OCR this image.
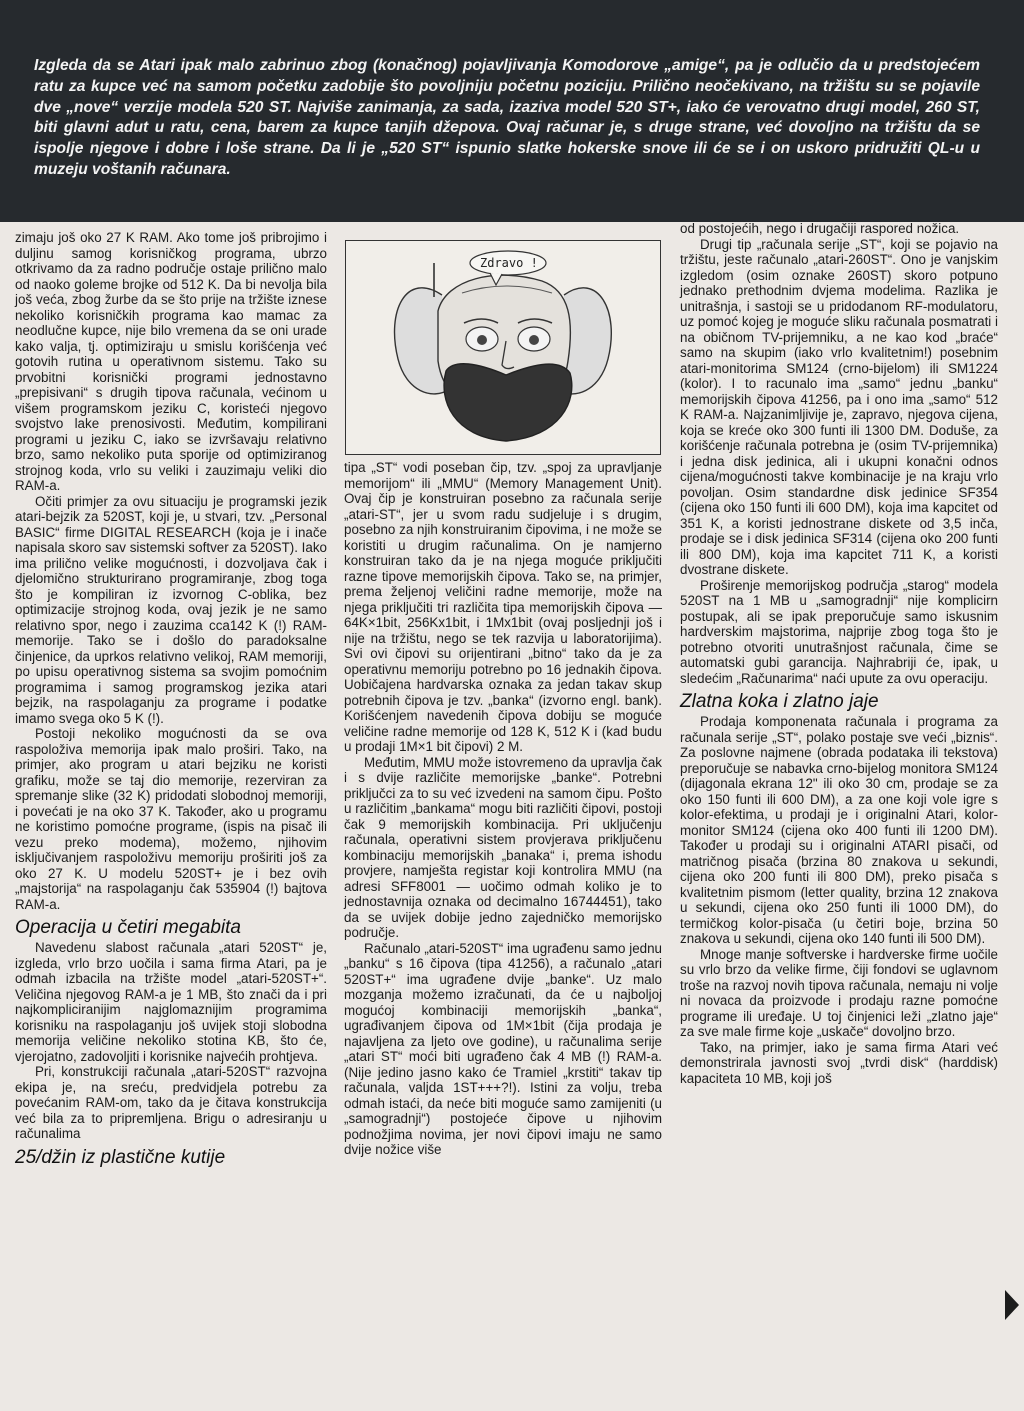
Izgleda da se Atari ipak malo zabrinuo zbog (konačnog) pojavljivanja Komodorove „amige“, pa je odlučio da u predstojećem ratu za kupce već na samom početku zadobije što povoljniju početnu poziciju. Prilično neočekivano, na tržištu su se pojavile dve „nove“ verzije modela 520 ST. Najviše zanimanja, za sada, izaziva model 520 ST+, iako će verovatno drugi model, 260 ST, biti glavni adut u ratu, cena, barem za kupce tanjih džepova. Ovaj računar je, s druge strane, već dovoljno na tržištu da se ispolje njegove i dobre i loše strane. Da li je „520 ST“ ispunio slatke hokerske snove ili će se i on uskoro pridružiti QL-u u muzeju voštanih računara.

zimaju još oko 27 K RAM. Ako tome još pribrojimo i duljinu samog korisničkog programa, ubrzo otkrivamo da za radno područje ostaje prilično malo od naoko goleme brojke od 512 K. Da bi nevolja bila još veća, zbog žurbe da se što prije na tržište iznese nekoliko korisničkih programa kao mamac za neodlučne kupce, nije bilo vremena da se oni urade kako valja, tj. optimiziraju u smislu korišćenja već gotovih rutina u operativnom sistemu. Tako su prvobitni korisnički programi jednostavno „prepisivani“ s drugih tipova računala, većinom u višem programskom jeziku C, koristeći njegovo svojstvo lake prenosivosti. Međutim, kompilirani programi u jeziku C, iako se izvršavaju relativno brzo, samo nekoliko puta sporije od optimiziranog strojnog koda, vrlo su veliki i zauzimaju veliki dio RAM-a.

Očiti primjer za ovu situaciju je programski jezik atari-bejzik za 520ST, koji je, u stvari, tzv. „Personal BASIC“ firme DIGITAL RESEARCH (koja je i inače napisala skoro sav sistemski softver za 520ST). Iako ima prilično velike mogućnosti, i dozvoljava čak i djelomično strukturirano programiranje, zbog toga što je kompiliran iz izvornog C-oblika, bez optimizacije strojnog koda, ovaj jezik je ne samo relativno spor, nego i zauzima cca142 K (!) RAM-memorije. Tako se i došlo do paradoksalne činjenice, da uprkos relativno velikoj, RAM memoriji, po upisu operativnog sistema sa svojim pomoćnim programima i samog programskog jezika atari bejzik, na raspolaganju za programe i podatke imamo svega oko 5 K (!).

Postoji nekoliko mogućnosti da se ova raspoloživa memorija ipak malo proširi. Tako, na primjer, ako program u atari bejziku ne koristi grafiku, može se taj dio memorije, rezerviran za spremanje slike (32 K) pridodati slobodnoj memoriji, i povećati je na oko 37 K. Također, ako u programu ne koristimo pomoćne programe, (ispis na pisač ili vezu preko modema), možemo, njihovim isključivanjem raspoloživu memoriju proširiti još za oko 27 K. U modelu 520ST+ je i bez ovih „majstorija“ na raspolaganju čak 535904 (!) bajtova RAM-a.

Operacija u četiri megabita

Navedenu slabost računala „atari 520ST“ je, izgleda, vrlo brzo uočila i sama firma Atari, pa je odmah izbacila na tržište model „atari-520ST+“. Veličina njegovog RAM-a je 1 MB, što znači da i pri najkompliciranijim najglomaznijim programima korisniku na raspolaganju još uvijek stoji slobodna memorija veličine nekoliko stotina KB, što će, vjerojatno, zadovoljiti i korisnike najvećih prohtjeva.

Pri, konstrukciji računala „atari-520ST“ razvojna ekipa je, na sreću, predvidjela potrebu za povećanim RAM-om, tako da je čitava konstrukcija već bila za to pripremljena. Brigu o adresiranju u računalima

25/džin iz plastične kutije
Zdravo !

tipa „ST“ vodi poseban čip, tzv. „spoj za upravljanje memorijom“ ili „MMU“ (Memory Management Unit). Ovaj čip je konstruiran posebno za računala serije „atari-ST“, jer u svom radu sudjeluje i s drugim, posebno za njih konstruiranim čipovima, i ne može se koristiti u drugim računalima. On je namjerno konstruiran tako da je na njega moguće priključiti razne tipove memorijskih čipova. Tako se, na primjer, prema željenoj veličini radne memorije, može na njega priključiti tri različita tipa memorijskih čipova — 64K×1bit, 256Kx1bit, i 1Mx1bit (ovaj posljednji još i nije na tržištu, nego se tek razvija u laboratorijima). Svi ovi čipovi su orijentirani „bitno“ tako da je za operativnu memoriju potrebno po 16 jednakih čipova. Uobičajena hardvarska oznaka za jedan takav skup potrebnih čipova je tzv. „banka“ (izvorno engl. bank). Korišćenjem navedenih čipova dobiju se moguće veličine radne memorije od 128 K, 512 K i (kad budu u prodaji 1M×1 bit čipovi) 2 M.

Međutim, MMU može istovremeno da upravlja čak i s dvije različite memorijske „banke“. Potrebni priključci za to su već izvedeni na samom čipu. Pošto u različitim „bankama“ mogu biti različiti čipovi, postoji čak 9 memorijskih kombinacija. Pri uključenju računala, operativni sistem provjerava priključenu kombinaciju memorijskih „banaka“ i, prema ishodu provjere, namješta registar koji kontrolira MMU (na adresi SFF8001 — uočimo odmah koliko je to jednostavnija oznaka od decimalno 16744451), tako da se uvijek dobije jedno zajedničko memorijsko područje.

Računalo „atari-520ST“ ima ugrađenu samo jednu „banku“ s 16 čipova (tipa 41256), a računalo „atari 520ST+“ ima ugrađene dvije „banke“. Uz malo mozganja možemo izračunati, da će u najboljoj mogućoj kombinaciji memorijskih „banka“, ugrađivanjem čipova od 1M×1bit (čija prodaja je najavljena za ljeto ove godine), u računalima serije „atari ST“ moći biti ugrađeno čak 4 MB (!) RAM-a. (Nije jedino jasno kako će Tramiel „krstiti“ takav tip računala, valjda 1ST+++?!). Istini za volju, treba odmah istaći, da neće biti moguće samo zamijeniti (u „samogradnji“) postojeće čipove u njihovim podnožjima novima, jer novi čipovi imaju ne samo dvije nožice više

od postojećih, nego i drugačiji raspored nožica.

Drugi tip „računala serije „ST“, koji se pojavio na tržištu, jeste računalo „atari-260ST“. Ono je vanjskim izgledom (osim oznake 260ST) skoro potpuno jednako prethodnim dvjema modelima. Razlika je unitrašnja, i sastoji se u pridodanom RF-modulatoru, uz pomoć kojeg je moguće sliku računala posmatrati i na običnom TV-prijemniku, a ne kao kod „braće“ samo na skupim (iako vrlo kvalitetnim!) posebnim atari-monitorima SM124 (crno-bijelom) ili SM1224 (kolor). I to racunalo ima „samo“ jednu „banku“ memorijskih čipova 41256, pa i ono ima „samo“ 512 K RAM-a. Najzanimljivije je, zapravo, njegova cijena, koja se kreće oko 300 funti ili 1300 DM. Doduše, za korišćenje računala potrebna je (osim TV-prijemnika) i jedna disk jedinica, ali i ukupni konačni odnos cijena/mogućnosti takve kombinacije je na kraju vrlo povoljan. Osim standardne disk jedinice SF354 (cijena oko 150 funti ili 600 DM), koja ima kapcitet od 351 K, a koristi jednostrane diskete od 3,5 inča, prodaje se i disk jedinica SF314 (cijena oko 200 funti ili 800 DM), koja ima kapcitet 711 K, a koristi dvostrane diskete.

Proširenje memorijskog područja „starog“ modela 520ST na 1 MB u „samogradnji“ nije komplicirn postupak, ali se ipak preporučuje samo iskusnim hardverskim majstorima, najprije zbog toga što je potrebno otvoriti unutrašnjost računala, čime se automatski gubi garancija. Najhrabriji će, ipak, u sledećim „Računarima“ naći upute za ovu operaciju.

Zlatna koka i zlatno jaje

Prodaja komponenata računala i programa za računala serije „ST“, polako postaje sve veći „biznis“. Za poslovne najmene (obrada podataka ili tekstova) preporučuje se nabavka crno-bijelog monitora SM124 (dijagonala ekrana 12" ili oko 30 cm, prodaje se za oko 150 funti ili 600 DM), a za one koji vole igre s kolor-efektima, u prodaji je i originalni Atari, kolor-monitor SM124 (cijena oko 400 funti ili 1200 DM). Također u prodaji su i originalni ATARI pisači, od matričnog pisača (brzina 80 znakova u sekundi, cijena oko 200 funti ili 800 DM), preko pisača s kvalitetnim pismom (letter quality, brzina 12 znakova u sekundi, cijena oko 250 funti ili 1000 DM), do termičkog kolor-pisača (u četiri boje, brzina 50 znakova u sekundi, cijena oko 140 funti ili 500 DM).

Mnoge manje softverske i hardverske firme uočile su vrlo brzo da velike firme, čiji fondovi se uglavnom troše na razvoj novih tipova računala, nemaju ni volje ni novaca da proizvode i prodaju razne pomoćne programe ili uređaje. U toj činjenici leži „zlatno jaje“ za sve male firme koje „uskače“ dovoljno brzo.

Tako, na primjer, iako je sama firma Atari već demonstrirala javnosti svoj „tvrdi disk“ (harddisk) kapaciteta 10 MB, koji još
